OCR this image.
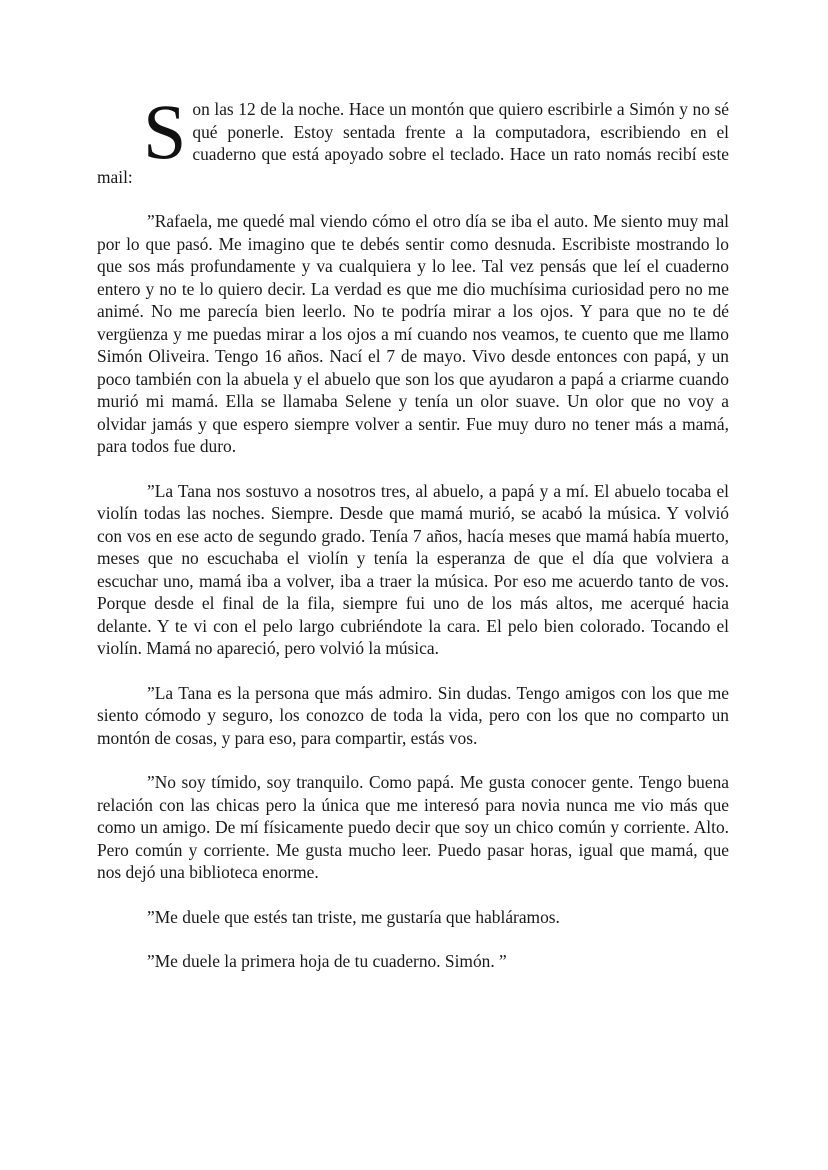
Son las 12 de la noche. Hace un montón que quiero escribirle a Simón y no sé qué ponerle. Estoy sentada frente a la computadora, escribiendo en el cuaderno que está apoyado sobre el teclado. Hace un rato nomás recibí este mail:

”Rafaela, me quedé mal viendo cómo el otro día se iba el auto. Me siento muy mal por lo que pasó. Me imagino que te debés sentir como desnuda. Escribiste mostrando lo que sos más profundamente y va cualquiera y lo lee. Tal vez pensás que leí el cuaderno entero y no te lo quiero decir. La verdad es que me dio muchísima curiosidad pero no me animé. No me parecía bien leerlo. No te podría mirar a los ojos. Y para que no te dé vergüenza y me puedas mirar a los ojos a mí cuando nos veamos, te cuento que me llamo Simón Oliveira. Tengo 16 años. Nací el 7 de mayo. Vivo desde entonces con papá, y un poco también con la abuela y el abuelo que son los que ayudaron a papá a criarme cuando murió mi mamá. Ella se llamaba Selene y tenía un olor suave. Un olor que no voy a olvidar jamás y que espero siempre volver a sentir. Fue muy duro no tener más a mamá, para todos fue duro.

”La Tana nos sostuvo a nosotros tres, al abuelo, a papá y a mí. El abuelo tocaba el violín todas las noches. Siempre. Desde que mamá murió, se acabó la música. Y volvió con vos en ese acto de segundo grado. Tenía 7 años, hacía meses que mamá había muerto, meses que no escuchaba el violín y tenía la esperanza de que el día que volviera a escuchar uno, mamá iba a volver, iba a traer la música. Por eso me acuerdo tanto de vos. Porque desde el final de la fila, siempre fui uno de los más altos, me acerqué hacia delante. Y te vi con el pelo largo cubriéndote la cara. El pelo bien colorado. Tocando el violín. Mamá no apareció, pero volvió la música.

”La Tana es la persona que más admiro. Sin dudas. Tengo amigos con los que me siento cómodo y seguro, los conozco de toda la vida, pero con los que no comparto un montón de cosas, y para eso, para compartir, estás vos.

”No soy tímido, soy tranquilo. Como papá. Me gusta conocer gente. Tengo buena relación con las chicas pero la única que me interesó para novia nunca me vio más que como un amigo. De mí físicamente puedo decir que soy un chico común y corriente. Alto. Pero común y corriente. Me gusta mucho leer. Puedo pasar horas, igual que mamá, que nos dejó una biblioteca enorme.

”Me duele que estés tan triste, me gustaría que habláramos.

”Me duele la primera hoja de tu cuaderno. Simón. ”
